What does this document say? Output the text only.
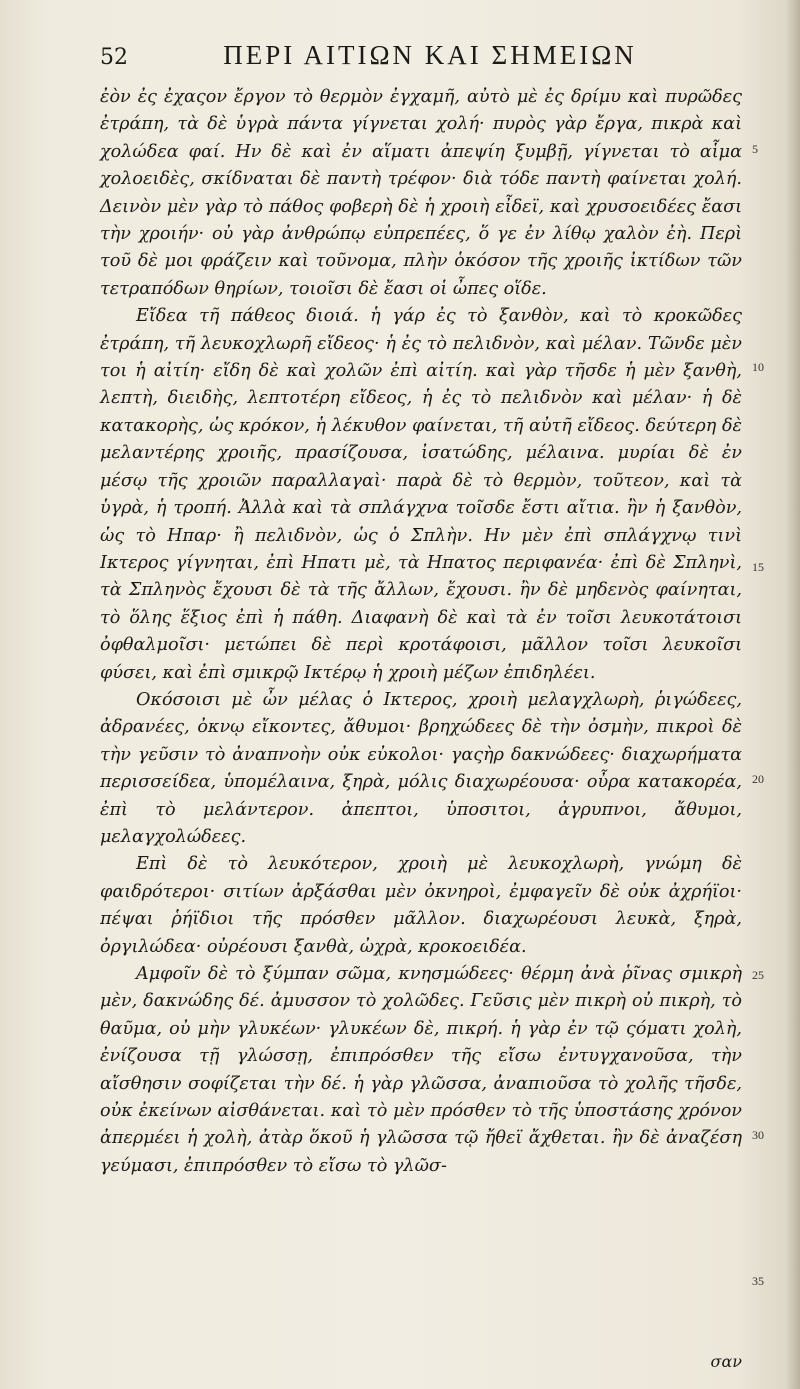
52	ΠΕΡΙ ΑΙΤΙΩΝ ΚΑΙ ΣΗΜΕΙΩΝ

ἐὸν ἐς ἐχαςον ἔργον τὸ θερμὸν ἐγχαμῆ, αὐτὸ μὲ ἐς δρίμυ καὶ πυρῶδες ἐτράπη, τὰ δὲ ὑγρὰ πάντα γίγνεται χολή· πυρὸς γὰρ ἔργα, πικρὰ καὶ χολώδεα φαί. Ην δὲ καὶ ἐν αἵματι ἀπεψίη ξυμβῇ, γίγνεται τὸ αἷμα χολοειδὲς, σκίδναται δὲ παντὴ τρέφον· διὰ τόδε παντὴ φαίνεται χολή. Δεινὸν μὲν γὰρ τὸ πάθος φοβερὴ δὲ ἡ χροιὴ εἶδεϊ, καὶ χρυσοειδέες ἔασι τὴν χροιήν· οὐ γὰρ ἀνθρώπῳ εὐπρεπέες, ὅ γε ἐν λίθῳ χαλὸν ἐὴ. Περὶ τοῦ δὲ μοι φράζειν καὶ τοῦνομα, πλὴν ὁκόσον τῆς χροιῆς ἰκτίδων τῶν τετραπόδων θηρίων, τοιοῖσι δὲ ἔασι οἱ ὦπες οἵδε.

Εἴδεα τῆ πάθεος διοιά. ἡ γάρ ἐς τὸ ξανθὸν, καὶ τὸ κροκῶδες ἐτράπη, τῆ λευκοχλωρῆ εἴδεος· ἡ ἐς τὸ πελιδνὸν, καὶ μέλαν. Τῶνδε μὲν τοι ἡ αἰτίη· εἴδη δὲ καὶ χολῶν ἐπὶ αἰτίη. καὶ γὰρ τῆσδε ἡ μὲν ξανθὴ, λεπτὴ, διειδὴς, λεπτοτέρη εἴδεος, ἡ ἐς τὸ πελιδνὸν καὶ μέλαν· ἡ δὲ κατακορὴς, ὡς κρόκον, ἡ λέκυθον φαίνεται, τῆ αὐτῆ εἴδεος. δεύτερη δὲ μελαντέρης χροιῆς, πρασίζουσα, ἰσατώδης, μέλαινα. μυρίαι δὲ ἐν μέσῳ τῆς χροιῶν παραλλαγαὶ· παρὰ δὲ τὸ θερμὸν, τοῦτεον, καὶ τὰ ὑγρὰ, ἡ τροπή. Ἀλλὰ καὶ τὰ σπλάγχνα τοῖσδε ἔστι αἴτια. ἢν ἡ ξανθὸν, ὡς τὸ Ηπαρ· ἢ πελιδνὸν, ὡς ὁ Σπλὴν. Ην μὲν ἐπὶ σπλάγχνῳ τινὶ Ικτερος γίγνηται, ἐπὶ Ηπατι μὲ, τὰ Ηπατος περιφανέα· ἐπὶ δὲ Σπληνὶ, τὰ Σπληνὸς ἔχουσι δὲ τὰ τῆς ἄλλων, ἔχουσι. ἢν δὲ μηδενὸς φαίνηται, τὸ ὅλης ἕξιος ἐπὶ ἡ πάθη. Διαφανὴ δὲ καὶ τὰ ἐν τοῖσι λευκοτάτοισι ὀφθαλμοῖσι· μετώπει δὲ περὶ κροτάφοισι, μᾶλλον τοῖσι λευκοῖσι φύσει, καὶ ἐπὶ σμικρῷ Ικτέρῳ ἡ χροιὴ μέζων ἐπιδηλέει.

Οκόσοισι μὲ ὦν μέλας ὁ Ικτερος, χροιὴ μελαγχλωρὴ, ῥιγώδεες, ἀδρανέες, ὀκνῳ εἴκοντες, ἄθυμοι· βρηχώδεες δὲ τὴν ὀσμὴν, πικροὶ δὲ τὴν γεῦσιν τὸ ἀναπνοὴν οὐκ εὐκολοι· γαςὴρ δακνώδεες· διαχωρήματα περισσείδεα, ὑπομέλαινα, ξηρὰ, μόλις διαχωρέουσα· οὖρα κατακορέα, ἐπὶ τὸ μελάντερον. ἀπεπτοι, ὑποσιτοι, ἀγρυπνοι, ἄθυμοι, μελαγχολώδεες.

Επὶ δὲ τὸ λευκότερον, χροιὴ μὲ λευκοχλωρὴ, γνώμη δὲ φαιδρότεροι· σιτίων ἀρξάσθαι μὲν ὀκνηροὶ, ἐμφαγεῖν δὲ οὐκ ἀχρήϊοι· πέψαι ῥήϊδιοι τῆς πρόσθεν μᾶλλον. διαχωρέουσι λευκὰ, ξηρὰ, ὀργιλώδεα· οὐρέουσι ξανθὰ, ὠχρὰ, κροκοειδέα.

Αμφοῖν δὲ τὸ ξύμπαν σῶμα, κνησμώδεες· θέρμη ἀνὰ ῥῖνας σμικρὴ μὲν, δακνώδης δέ. ἀμυσσον τὸ χολῶδες. Γεῦσις μὲν πικρὴ οὐ πικρὴ, τὸ θαῦμα, οὐ μὴν γλυκέων· γλυκέων δὲ, πικρή. ἡ γὰρ ἐν τῷ ςόματι χολὴ, ἐνίζουσα τῇ γλώσσῃ, ἐπιπρόσθεν τῆς εἴσω ἐντυγχανοῦσα, τὴν αἴσθησιν σοφίζεται τὴν δέ. ἡ γὰρ γλῶσσα, ἀναπιοῦσα τὸ χολῆς τῆσδε, οὐκ ἐκείνων αἰσθάνεται. καὶ τὸ μὲν πρόσθεν τὸ τῆς ὑποστάσης χρόνον ἀπερμέει ἡ χολὴ, ἀτὰρ ὅκοῦ ἡ γλῶσσα τῷ ἤθεϊ ἄχθεται. ἢν δὲ ἀναζέση γεύμασι, ἐπιπρόσθεν τὸ εἴσω τὸ γλῶσ-

5
10
15
20
25
30
35
σαν
